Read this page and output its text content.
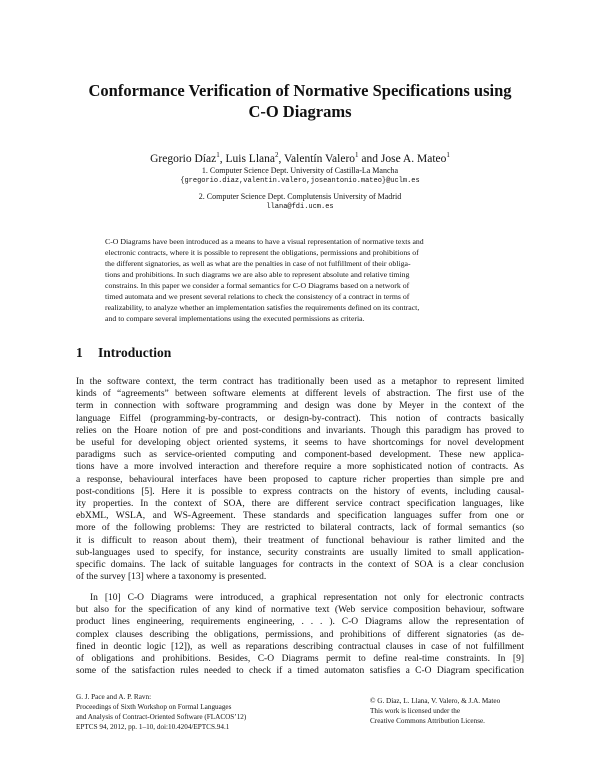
Conformance Verification of Normative Specifications using
C-O Diagrams
Gregorio Díaz$^1$, Luis Llana$^2$, Valentín Valero$^1$ and Jose A. Mateo$^1$
1. Computer Science Dept. University of Castilla-La Mancha
{gregorio.diaz,valentin.valero,joseantonio.mateo}@uclm.es
2. Computer Science Dept. Complutensis University of Madrid
llana@fdi.ucm.es
C-O Diagrams have been introduced as a means to have a visual representation of normative texts and
electronic contracts, where it is possible to represent the obligations, permissions and prohibitions of
the different signatories, as well as what are the penalties in case of not fulfillment of their obliga-
tions and prohibitions. In such diagrams we are also able to represent absolute and relative timing
constrains. In this paper we consider a formal semantics for C-O Diagrams based on a network of
timed automata and we present several relations to check the consistency of a contract in terms of
realizability, to analyze whether an implementation satisfies the requirements defined on its contract,
and to compare several implementations using the executed permissions as criteria.
1 Introduction
In the software context, the term contract has traditionally been used as a metaphor to represent limited
kinds of “agreements” between software elements at different levels of abstraction. The first use of the
term in connection with software programming and design was done by Meyer in the context of the
language Eiffel (programming-by-contracts, or design-by-contract). This notion of contracts basically
relies on the Hoare notion of pre and post-conditions and invariants. Though this paradigm has proved to
be useful for developing object oriented systems, it seems to have shortcomings for novel development
paradigms such as service-oriented computing and component-based development. These new applica-
tions have a more involved interaction and therefore require a more sophisticated notion of contracts. As
a response, behavioural interfaces have been proposed to capture richer properties than simple pre and
post-conditions [5]. Here it is possible to express contracts on the history of events, including causal-
ity properties. In the context of SOA, there are different service contract specification languages, like
ebXML, WSLA, and WS-Agreement. These standards and specification languages suffer from one or
more of the following problems: They are restricted to bilateral contracts, lack of formal semantics (so
it is difficult to reason about them), their treatment of functional behaviour is rather limited and the
sub-languages used to specify, for instance, security constraints are usually limited to small application-
specific domains. The lack of suitable languages for contracts in the context of SOA is a clear conclusion
of the survey [13] where a taxonomy is presented.
In [10] C-O Diagrams were introduced, a graphical representation not only for electronic contracts
but also for the specification of any kind of normative text (Web service composition behaviour, software
product lines engineering, requirements engineering, . . . ). C-O Diagrams allow the representation of
complex clauses describing the obligations, permissions, and prohibitions of different signatories (as de-
fined in deontic logic [12]), as well as reparations describing contractual clauses in case of not fulfillment
of obligations and prohibitions. Besides, C-O Diagrams permit to define real-time constraints. In [9]
some of the satisfaction rules needed to check if a timed automaton satisfies a C-O Diagram specification
G. J. Pace and A. P. Ravn:
Proceedings of Sixth Workshop on Formal Languages
and Analysis of Contract-Oriented Software (FLACOS’12)
EPTCS 94, 2012, pp. 1–10, doi:10.4204/EPTCS.94.1
© G. Díaz, L. Llana, V. Valero, & J.A. Mateo
This work is licensed under the
Creative Commons Attribution License.
